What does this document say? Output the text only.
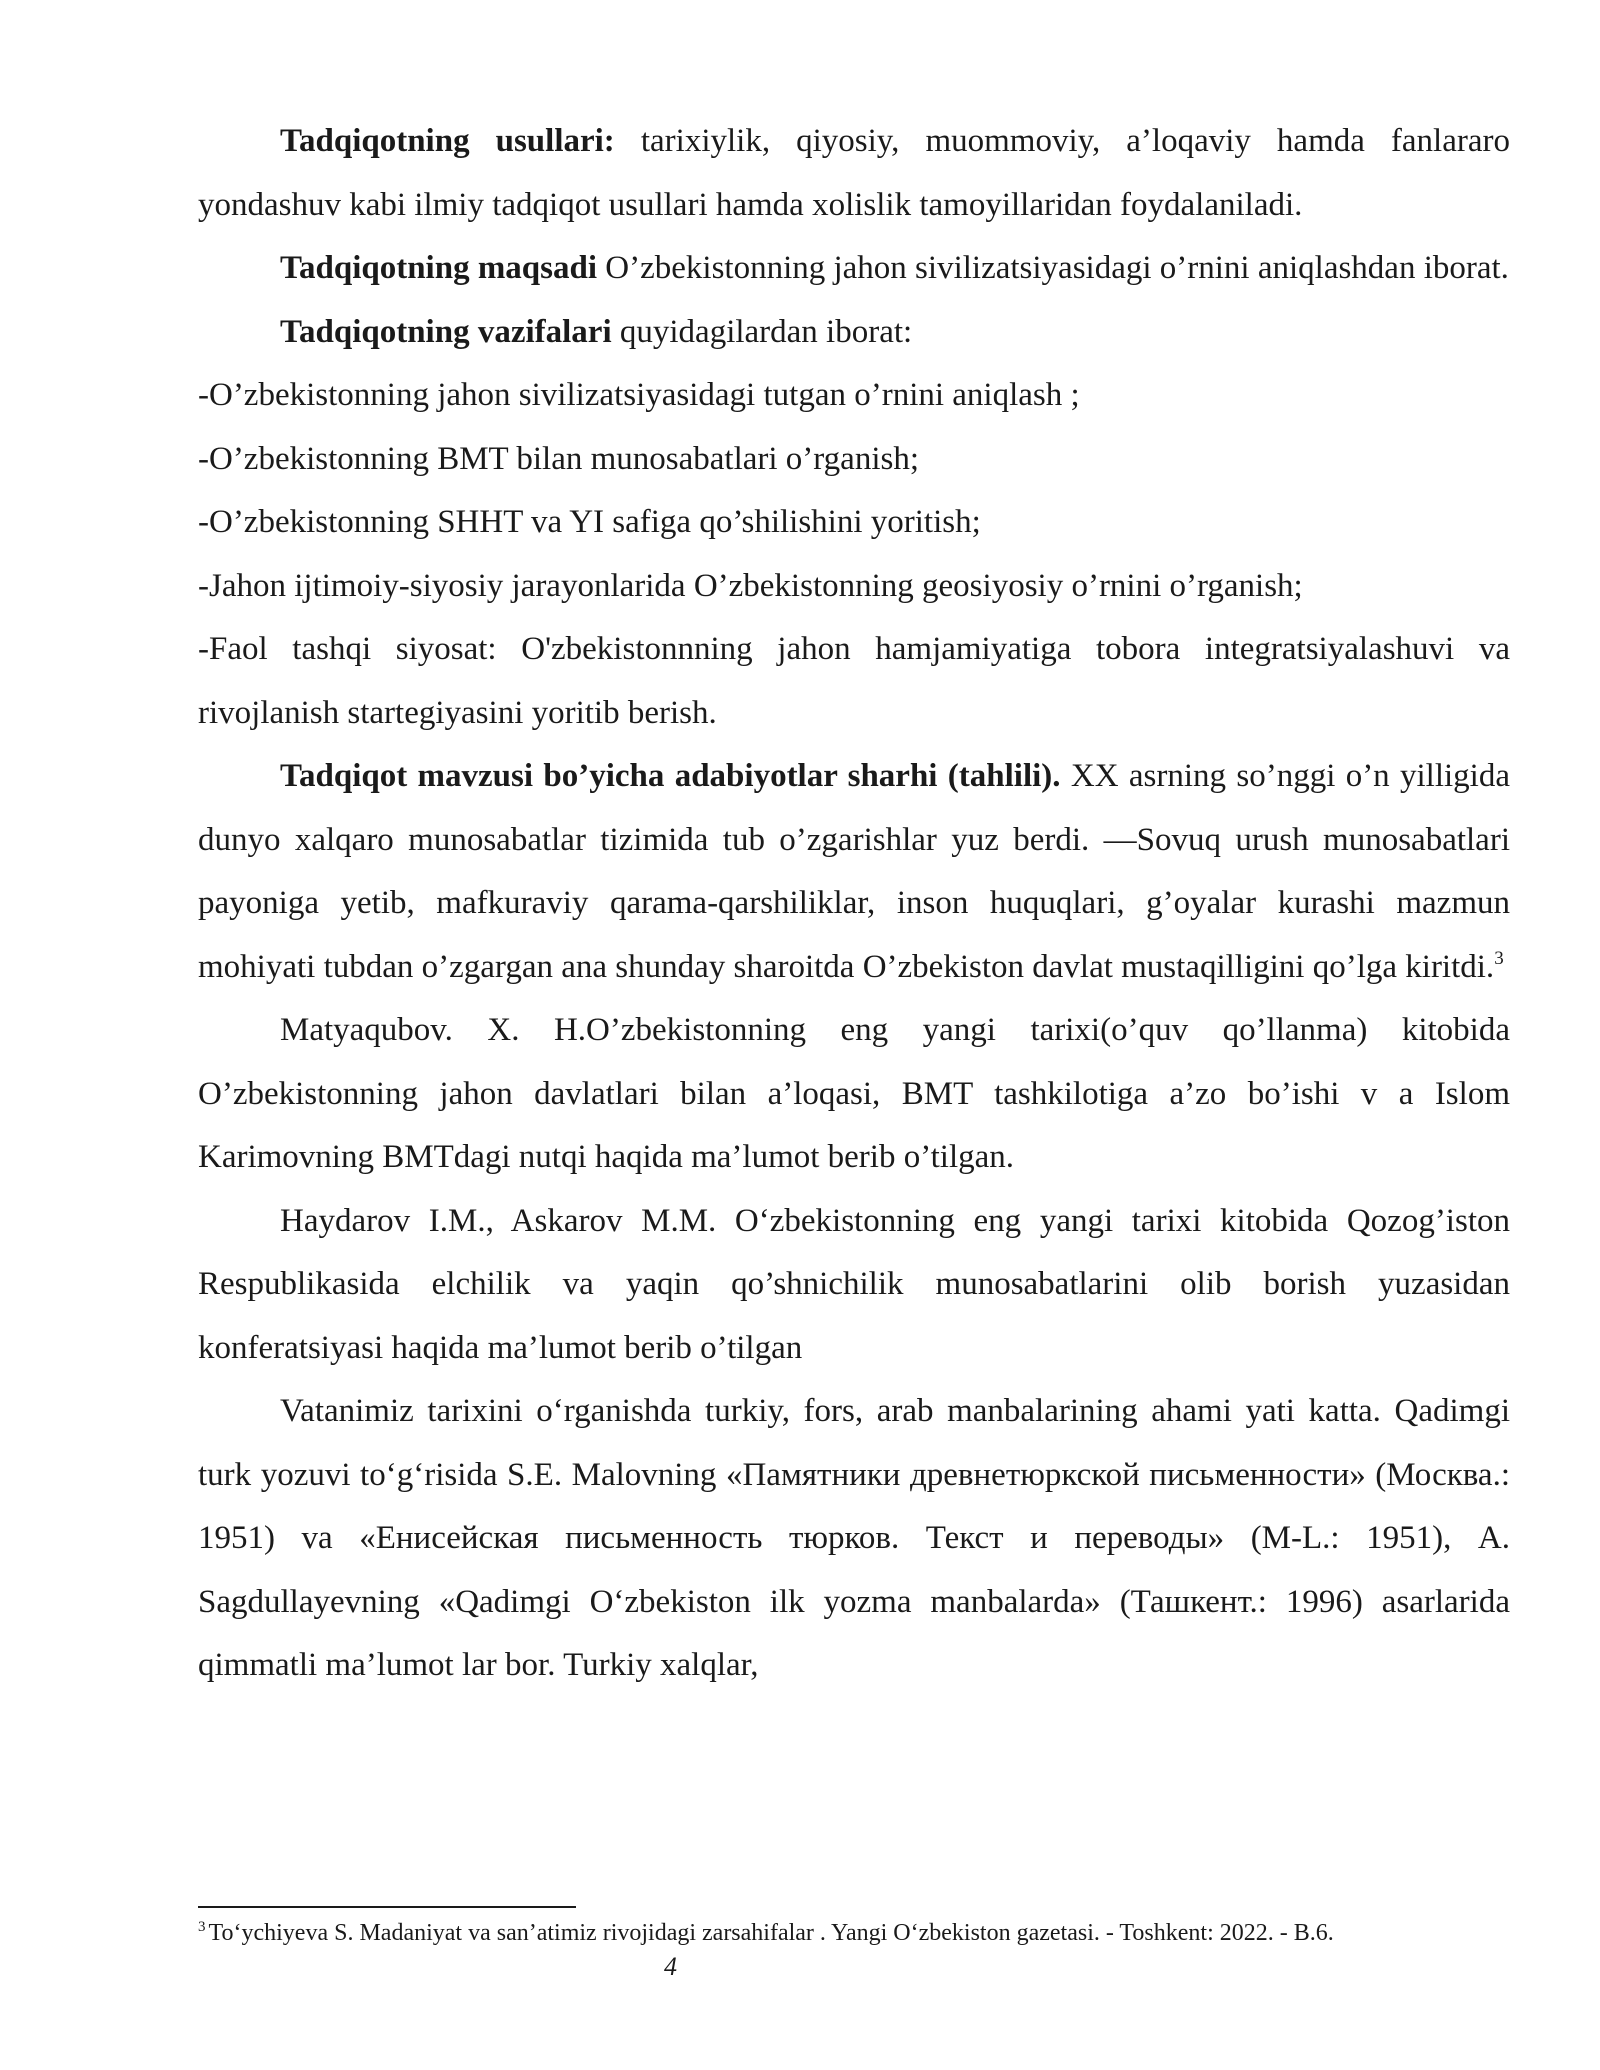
Tadqiqotning usullari: tarixiylik, qiyosiy, muommoviy, a’loqaviy hamda fanlararo yondashuv kabi ilmiy tadqiqot usullari hamda xolislik tamoyillaridan foydalaniladi.

Tadqiqotning maqsadi O’zbekistonning jahon sivilizatsiyasidagi o’rnini aniqlashdan iborat.

Tadqiqotning vazifalari quyidagilardan iborat:

-O’zbekistonning jahon sivilizatsiyasidagi tutgan o’rnini aniqlash ;

-O’zbekistonning BMT bilan munosabatlari o’rganish;

-O’zbekistonning SHHT va YI safiga qo’shilishini yoritish;

-Jahon ijtimoiy-siyosiy jarayonlarida O’zbekistonning geosiyosiy o’rnini o’rganish;

-Faol tashqi siyosat: O'zbekistonnning jahon hamjamiyatiga tobora integratsiyalashuvi va rivojlanish startegiyasini yoritib berish.

Tadqiqot mavzusi bo’yicha adabiyotlar sharhi (tahlili). XX asrning so’nggi o’n yilligida dunyo xalqaro munosabatlar tizimida tub o’zgarishlar yuz berdi. —Sovuq urush munosabatlari payoniga yetib, mafkuraviy qarama-qarshiliklar, inson huquqlari, g’oyalar kurashi mazmun mohiyati tubdan o’zgargan ana shunday sharoitda O’zbekiston davlat mustaqilligini qo’lga kiritdi.$^3$

Matyaqubov. X. H.O’zbekistonning eng yangi tarixi(o’quv qo’llanma) kitobida O’zbekistonning jahon davlatlari bilan a’loqasi, BMT tashkilotiga a’zo bo’ishi v a Islom Karimovning BMTdagi nutqi haqida ma’lumot berib o’tilgan.

Haydarov I.M., Askarov M.M. O‘zbekistonning eng yangi tarixi kitobida Qozog’iston Respublikasida elchilik va yaqin qo’shnichilik munosabatlarini olib borish yuzasidan konferatsiyasi haqida ma’lumot berib o’tilgan

Vatanimiz tarixini o‘rganishda turkiy, fors, arab manbalarining ahami yati katta. Qadimgi turk yozuvi to‘g‘risida S.E. Malovning «Памятники древнетюркской письменности» (Москва.: 1951) va «Енисейская письменность тюрков. Текст и переводы» (M-L.: 1951), A. Sagdullayevning «Qadimgi O‘zbekiston ilk yozma manbalarda» (Ташкент.: 1996) asarlarida qimmatli ma’lumot lar bor. Turkiy xalqlar,

$^3$ To‘ychiyeva S. Madaniyat va san’atimiz rivojidagi zarsahifalar . Yangi O‘zbekiston gazetasi. - Toshkent: 2022. - B.6.

4
